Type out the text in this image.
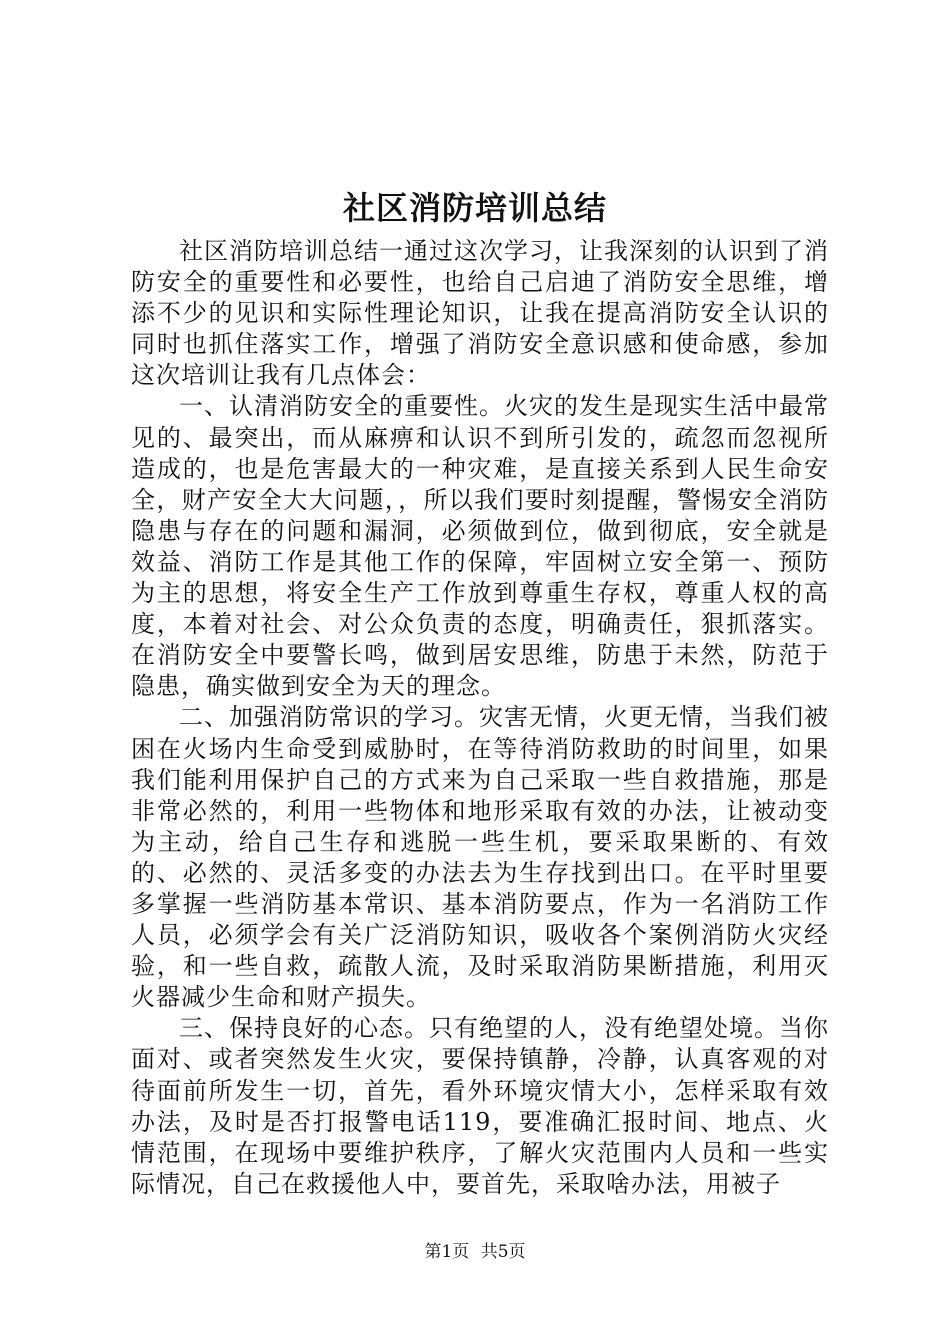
社区消防培训总结

社区消防培训总结一通过这次学习，让我深刻的认识到了消防安全的重要性和必要性，也给自己启迪了消防安全思维，增添不少的见识和实际性理论知识，让我在提高消防安全认识的同时也抓住落实工作，增强了消防安全意识感和使命感，参加这次培训让我有几点体会：

一、认清消防安全的重要性。火灾的发生是现实生活中最常见的、最突出，而从麻痹和认识不到所引发的，疏忽而忽视所造成的，也是危害最大的一种灾难，是直接关系到人民生命安全，财产安全大大问题，，所以我们要时刻提醒，警惕安全消防隐患与存在的问题和漏洞，必须做到位，做到彻底，安全就是效益、消防工作是其他工作的保障，牢固树立安全第一、预防为主的思想，将安全生产工作放到尊重生存权，尊重人权的高度，本着对社会、对公众负责的态度，明确责任，狠抓落实。在消防安全中要警长鸣，做到居安思维，防患于未然，防范于隐患，确实做到安全为天的理念。

二、加强消防常识的学习。灾害无情，火更无情，当我们被困在火场内生命受到威胁时，在等待消防救助的时间里，如果我们能利用保护自己的方式来为自己采取一些自救措施，那是非常必然的，利用一些物体和地形采取有效的办法，让被动变为主动，给自己生存和逃脱一些生机，要采取果断的、有效的、必然的、灵活多变的办法去为生存找到出口。在平时里要多掌握一些消防基本常识、基本消防要点，作为一名消防工作人员，必须学会有关广泛消防知识，吸收各个案例消防火灾经验，和一些自救，疏散人流，及时采取消防果断措施，利用灭火器减少生命和财产损失。

三、保持良好的心态。只有绝望的人，没有绝望处境。当你面对、或者突然发生火灾，要保持镇静，冷静，认真客观的对待面前所发生一切，首先，看外环境灾情大小，怎样采取有效办法，及时是否打报警电话119，要准确汇报时间、地点、火情范围，在现场中要维护秩序，了解火灾范围内人员和一些实际情况，自己在救援他人中，要首先，采取啥办法，用被子

第1页 共5页
